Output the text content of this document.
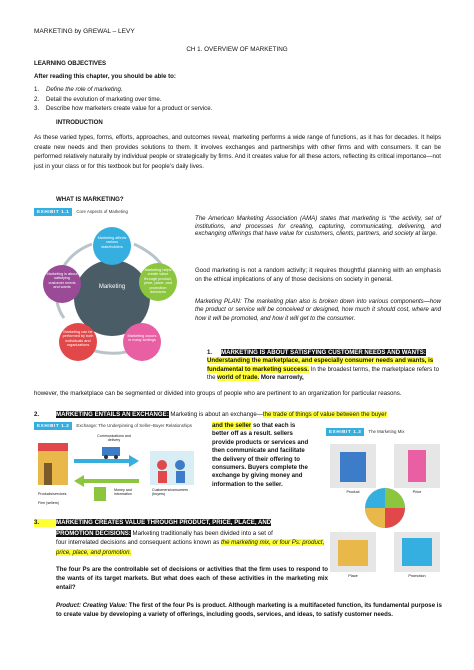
MARKETING by GREWAL – LEVY
CH 1. OVERVIEW OF MARKETING
LEARNING OBJECTIVES
After reading this chapter, you should be able to:
1. Define the role of marketing.
2. Detail the evolution of marketing over time.
3. Describe how marketers create value for a product or service.
INTRODUCTION
As these varied types, forms, efforts, approaches, and outcomes reveal, marketing performs a wide range of functions, as it has for decades. It helps create new needs and then provides solutions to them. It involves exchanges and partnerships with other firms and with consumers. It can be performed relatively naturally by individual people or strategically by firms. And it creates value for all these actors, reflecting its critical importance—not just in your class or for this textbook but for people’s daily lives.
WHAT IS MARKETING?
EXHIBIT 1.1	Core Aspects of Marketing
Marketing
Marketing affects various stakeholders
Marketing helps create value through product, price, place, and promotion decisions
Marketing occurs in many settings
Marketing can be performed by both individuals and organizations
Marketing is about satisfying customer needs and wants
The American Marketing Association (AMA) states that marketing is “the activity, set of institutions, and processes for creating, capturing, communicating, delivering, and exchanging offerings that have value for customers, clients, partners, and society at large.
Good marketing is not a random activity; it requires thoughtful planning with an emphasis on the ethical implications of any of those decisions on society in general.
Marketing PLAN: The marketing plan also is broken down into various components—how the product or service will be conceived or designed, how much it should cost, where and how it will be promoted, and how it will get to the consumer.
1. MARKETING IS ABOUT SATISFYING CUSTOMER NEEDS AND WANTS:
Understanding the marketplace, and especially consumer needs and wants, is fundamental to marketing success. In the broadest terms, the marketplace refers to the world of trade. More narrowly,
however, the marketplace can be segmented or divided into groups of people who are pertinent to an organization for particular reasons.
2.	MARKETING ENTAILS AN EXCHANGE: Marketing is about an exchange—the trade of things of value between the buyer
EXHIBIT 1.2	Exchange: The Underpinning of Seller–Buyer Relationships
Communications and delivery
Products/services
Money and information
Customers/consumers (buyers)
Firm (sellers)
and the seller so that each is better off as a result. sellers provide products or services and then communicate and facilitate the delivery of their offering to consumers. Buyers complete the exchange by giving money and information to the seller.
EXHIBIT 1.3	The Marketing Mix
Product	Price
Place	Promotion
3.	MARKETING CREATES VALUE THROUGH PRODUCT, PRICE, PLACE, AND
PROMOTION DECISIONS: Marketing traditionally has been divided into a set of
four interrelated decisions and consequent actions known as the marketing mix, or four Ps: product, price, place, and promotion.
The four Ps are the controllable set of decisions or activities that the firm uses to respond to the wants of its target markets. But what does each of these activities in the marketing mix entail?
Product: Creating Value: The first of the four Ps is product. Although marketing is a multifaceted function, its fundamental purpose is to create value by developing a variety of offerings, including goods, services, and ideas, to satisfy customer needs.
